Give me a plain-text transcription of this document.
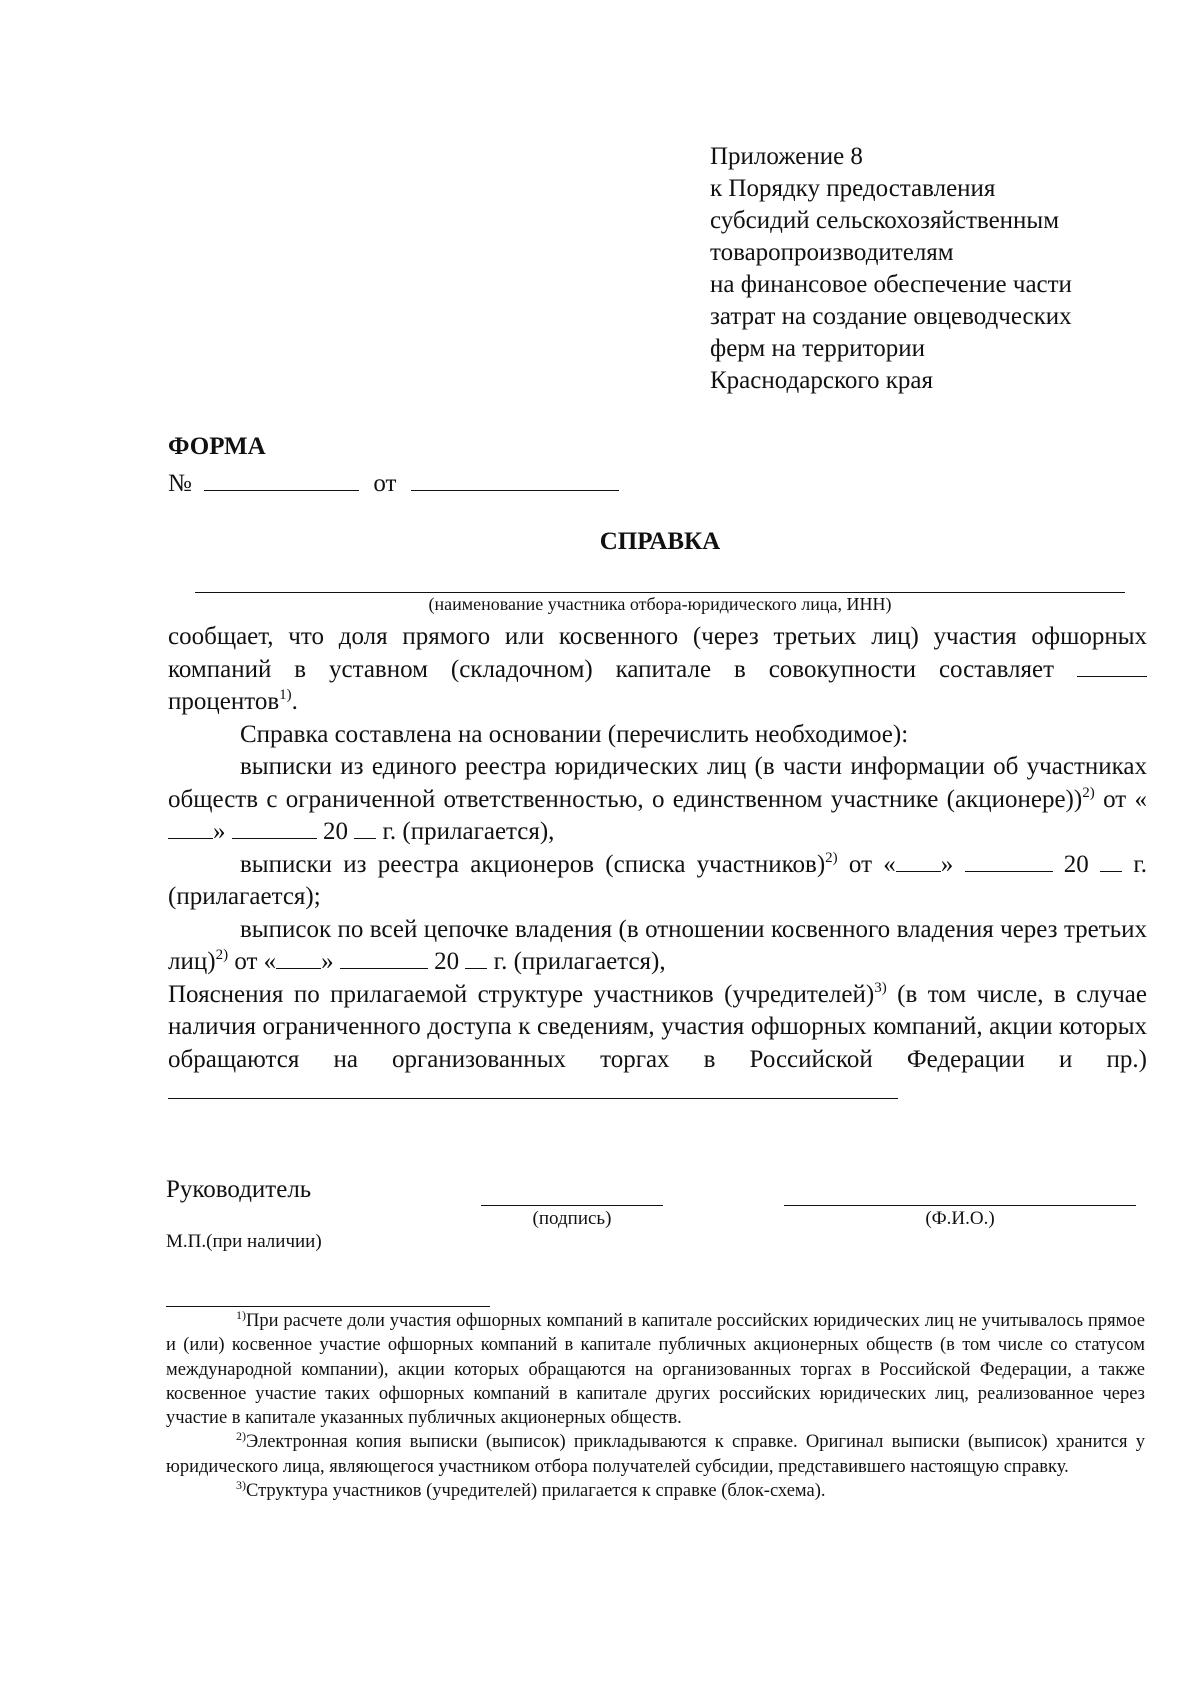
Приложение 8
к Порядку предоставления
субсидий сельскохозяйственным
товаропроизводителям
на финансовое обеспечение части
затрат на создание овцеводческих
ферм на территории
Краснодарского края
ФОРМА
№	от
СПРАВКА
(наименование участника отбора-юридического лица, ИНН)

сообщает, что доля прямого или косвенного (через третьих лиц) участия офшорных компаний в уставном (складочном) капитале в совокупности составляет  процентов$^{1)}$.

Справка составлена на основании (перечислить необходимое):

выписки из единого реестра юридических лиц (в части информации об участниках обществ с ограниченной ответственностью, о единственном участнике (акционере))$^{2)}$ от «»	20 г. (прилагается),

выписки из реестра акционеров (списка участников)$^{2)}$ от « »	20 г. (прилагается);

выписок по всей цепочке владения (в отношении косвенного владения через третьих лиц)$^{2)}$ от « »	20 г. (прилагается),

Пояснения по прилагаемой структуре участников (учредителей)$^{3)}$ (в том числе, в случае наличия ограниченного доступа к сведениям, участия офшорных компаний, акции которых обращаются на организованных торгах в Российской Федерации и пр.)

Руководитель
(подпись)	(Ф.И.О.)
М.П.(при наличии)

$^{1)}$При расчете доли участия офшорных компаний в капитале российских юридических лиц не учитывалось прямое и (или) косвенное участие офшорных компаний в капитале публичных акционерных обществ (в том числе со статусом международной компании), акции которых обращаются на организованных торгах в Российской Федерации, а также косвенное участие таких офшорных компаний в капитале других российских юридических лиц, реализованное через участие в капитале указанных публичных акционерных обществ.

$^{2)}$Электронная копия выписки (выписок) прикладываются к справке. Оригинал выписки (выписок) хранится у юридического лица, являющегося участником отбора получателей субсидии, представившего настоящую справку.

$^{3)}$Структура участников (учредителей) прилагается к справке (блок-схема).
